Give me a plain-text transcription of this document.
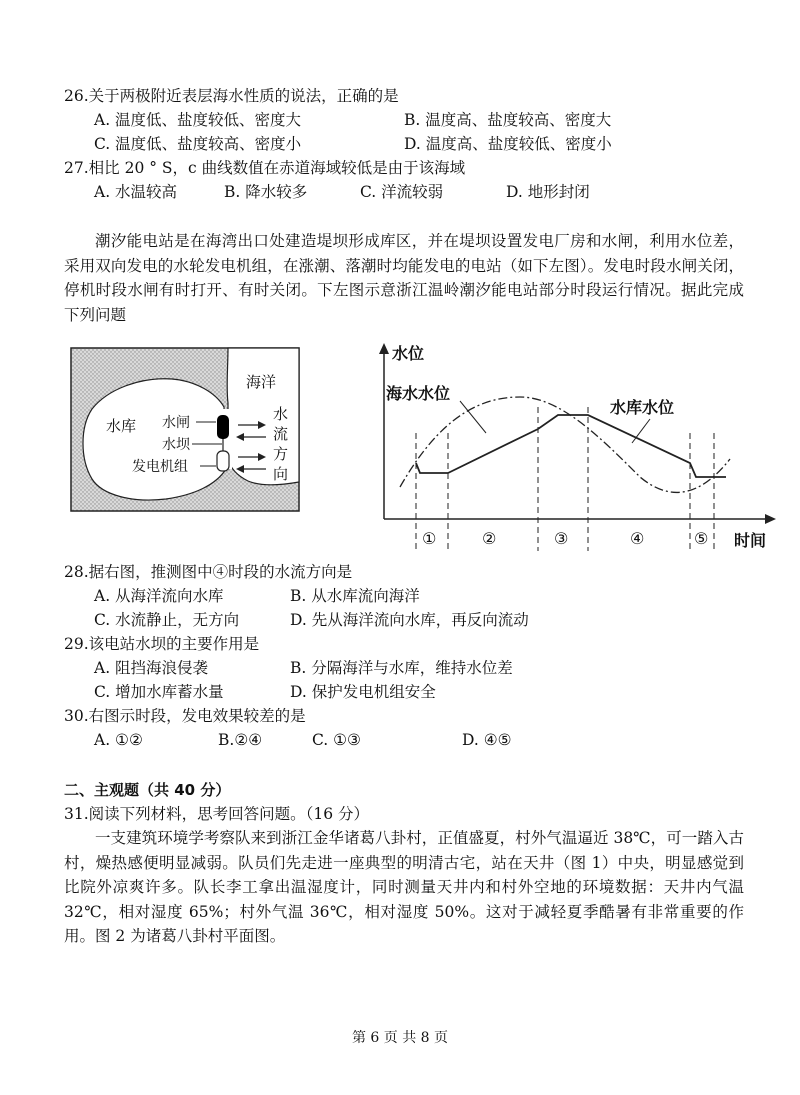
26.关于两极附近表层海水性质的说法，正确的是
A. 温度低、盐度较低、密度大	B. 温度高、盐度较高、密度大
C. 温度低、盐度较高、密度小	D. 温度高、盐度较低、密度小
27.相比 20 ° S，c 曲线数值在赤道海域较低是由于该海域
A. 水温较高	B. 降水较多	C. 洋流较弱	D. 地形封闭
潮汐能电站是在海湾出口处建造堤坝形成库区，并在堤坝设置发电厂房和水闸，利用水位差，采用双向发电的水轮发电机组，在涨潮、落潮时均能发电的电站（如下左图）。发电时段水闸关闭，停机时段水闸有时打开、有时关闭。下左图示意浙江温岭潮汐能电站部分时段运行情况。据此完成下列问题
海洋
水库 水闸
水坝
发电机组
水
流
方
向
水位
时间
海水水位
水库水位
①	②	③	④	⑤
28.据右图，推测图中④时段的水流方向是
A. 从海洋流向水库	B. 从水库流向海洋
C. 水流静止，无方向	D. 先从海洋流向水库，再反向流动
29.该电站水坝的主要作用是
A. 阻挡海浪侵袭	B. 分隔海洋与水库，维持水位差
C. 增加水库蓄水量	D. 保护发电机组安全
30.右图示时段，发电效果较差的是
A. ①②	B.②④	C. ①③	D. ④⑤
二、主观题（共 40 分）
31.阅读下列材料，思考回答问题。（16 分）
一支建筑环境学考察队来到浙江金华诸葛八卦村，正值盛夏，村外气温逼近 38℃，可一踏入古村，燥热感便明显减弱。队员们先走进一座典型的明清古宅，站在天井（图 1）中央，明显感觉到比院外凉爽许多。队长李工拿出温湿度计，同时测量天井内和村外空地的环境数据：天井内气温 32℃，相对湿度 65%；村外气温 36℃，相对湿度 50%。这对于减轻夏季酷暑有非常重要的作用。图 2 为诸葛八卦村平面图。
第 6 页 共 8 页
